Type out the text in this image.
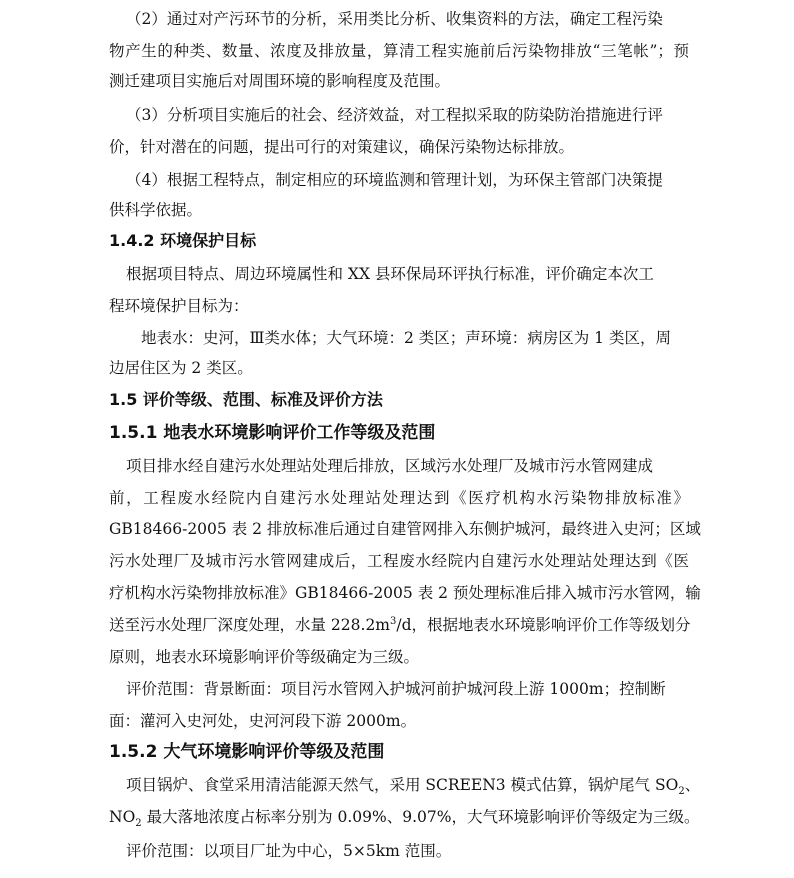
（2）通过对产污环节的分析，采用类比分析、收集资料的方法，确定工程污染
物产生的种类、数量、浓度及排放量，算清工程实施前后污染物排放“三笔帐”；预
测迁建项目实施后对周围环境的影响程度及范围。
（3）分析项目实施后的社会、经济效益，对工程拟采取的防染防治措施进行评
价，针对潜在的问题，提出可行的对策建议，确保污染物达标排放。
（4）根据工程特点，制定相应的环境监测和管理计划，为环保主管部门决策提
供科学依据。
1.4.2 环境保护目标
根据项目特点、周边环境属性和 XX 县环保局环评执行标准，评价确定本次工
程环境保护目标为：
地表水：史河，Ⅲ类水体；大气环境：2 类区；声环境：病房区为 1 类区，周
边居住区为 2 类区。
1.5 评价等级、范围、标准及评价方法
1.5.1 地表水环境影响评价工作等级及范围
项目排水经自建污水处理站处理后排放，区域污水处理厂及城市污水管网建成
前，工程废水经院内自建污水处理站处理达到《医疗机构水污染物排放标准》
GB18466-2005 表 2 排放标准后通过自建管网排入东侧护城河，最终进入史河；区域
污水处理厂及城市污水管网建成后，工程废水经院内自建污水处理站处理达到《医
疗机构水污染物排放标准》GB18466-2005 表 2 预处理标准后排入城市污水管网，输
送至污水处理厂深度处理，水量 $228.2m^3/d$，根据地表水环境影响评价工作等级划分
原则，地表水环境影响评价等级确定为三级。
评价范围：背景断面：项目污水管网入护城河前护城河段上游 1000m；控制断
面：灌河入史河处，史河河段下游 2000m。
1.5.2 大气环境影响评价等级及范围
项目锅炉、食堂采用清洁能源天然气，采用 SCREEN3 模式估算，锅炉尾气 $SO_2$、
$NO_2$ 最大落地浓度占标率分别为 0.09%、9.07%，大气环境影响评价等级定为三级。
评价范围：以项目厂址为中心，5×5km 范围。
